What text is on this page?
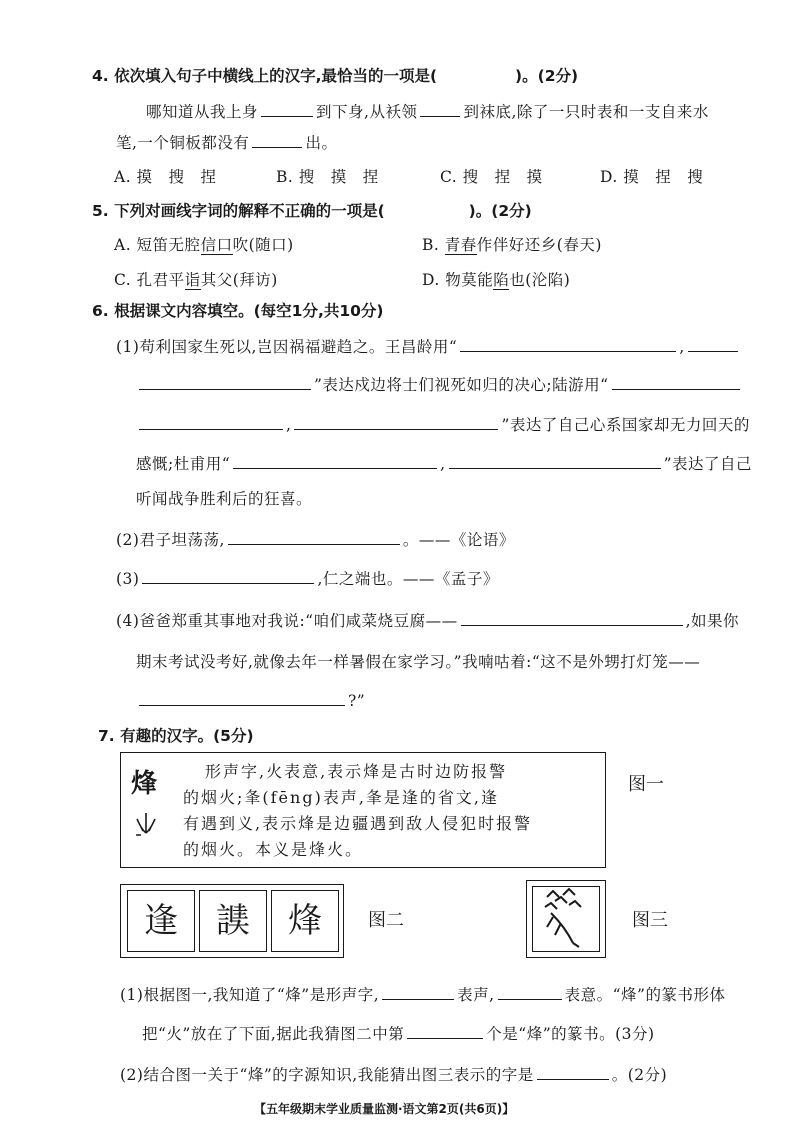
4. 依次填入句子中横线上的汉字,最恰当的一项是(	)。(2分)
哪知道从我上身	到下身,从袄领	到袜底,除了一只时表和一支自来水
笔,一个铜板都没有	出。
A. 摸　搜　捏	B. 搜　摸　捏	C. 搜　捏　摸	D. 摸　捏　搜
5. 下列对画线字词的解释不正确的一项是(	)。(2分)
A. 短笛无腔信口吹(随口)	B. 青春作伴好还乡(春天)
C. 孔君平诣其父(拜访)	D. 物莫能陷也(沦陷)
6. 根据课文内容填空。(每空1分,共10分)
(1)苟利国家生死以,岂因祸福避趋之。王昌龄用“	,
”表达戍边将士们视死如归的决心;陆游用“
,	”表达了自己心系国家却无力回天的
感慨;杜甫用“	,	”表达了自己
听闻战争胜利后的狂喜。
(2)君子坦荡荡,	。——《论语》
(3)	,仁之端也。——《孟子》
(4)爸爸郑重其事地对我说:“咱们咸菜烧豆腐——	,如果你
期末考试没考好,就像去年一样暑假在家学习。”我喃咕着:“这不是外甥打灯笼——
?”
7. 有趣的汉字。(5分)
烽	形声字,火表意,表示烽是古时边防报警
的烟火;夆(fēng)表声,夆是逢的省文,逢
有遇到义,表示烽是边疆遇到敌人侵犯时报警
的烟火。本义是烽火。
图一
逢	䜁	烽	图二	图三
(1)根据图一,我知道了“烽”是形声字,	表声,	表意。“烽”的篆书形体
把“火”放在了下面,据此我猜图二中第	个是“烽”的篆书。(3分)
(2)结合图一关于“烽”的字源知识,我能猜出图三表示的字是	。(2分)
【五年级期末学业质量监测·语文第2页(共6页)】
